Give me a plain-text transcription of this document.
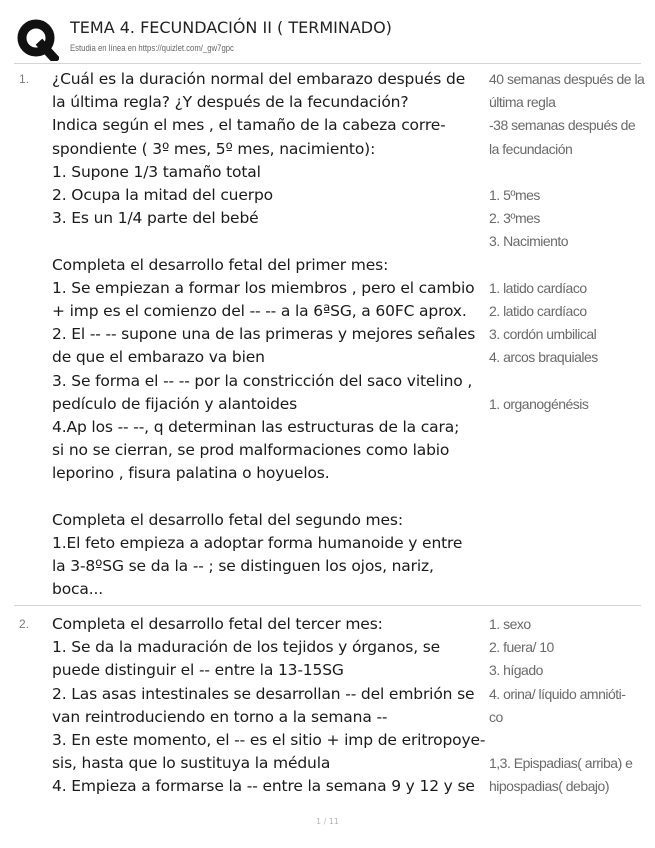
TEMA 4. FECUNDACIÓN II ( TERMINADO)
Estudia en línea en https://quizlet.com/_gw7gpc
1. ¿Cuál es la duración normal del embarazo después de

la última regla? ¿Y después de la fecundación?

Indica según el mes , el tamaño de la cabeza corre-

spondiente ( 3º mes, 5º mes, nacimiento):

1. Supone 1/3 tamaño total

2. Ocupa la mitad del cuerpo

3. Es un 1/4 parte del bebé

Completa el desarrollo fetal del primer mes:

1. Se empiezan a formar los miembros , pero el cambio

+ imp es el comienzo del -- -- a la 6ªSG, a 60FC aprox.

2. El -- -- supone una de las primeras y mejores señales

de que el embarazo va bien

3. Se forma el -- -- por la constricción del saco vitelino ,

pedículo de fijación y alantoides

4.Ap los -- --, q determinan las estructuras de la cara;

si no se cierran, se prod malformaciones como labio

leporino , fisura palatina o hoyuelos.

Completa el desarrollo fetal del segundo mes:

1.El feto empieza a adoptar forma humanoide y entre

la 3-8ºSG se da la -- ; se distinguen los ojos, nariz,

boca...

40 semanas después de la

última regla

-38 semanas después de

la fecundación

1. 5ºmes

2. 3ºmes

3. Nacimiento

1. latido cardíaco

2. latido cardíaco

3. cordón umbilical

4. arcos braquiales

1. organogénésis

2. Completa el desarrollo fetal del tercer mes:

1. Se da la maduración de los tejidos y órganos, se

puede distinguir el -- entre la 13-15SG

2. Las asas intestinales se desarrollan -- del embrión se

van reintroduciendo en torno a la semana --

3. En este momento, el -- es el sitio + imp de eritropoye-

sis, hasta que lo sustituya la médula

4. Empieza a formarse la -- entre la semana 9 y 12 y se

1. sexo

2. fuera/ 10

3. hígado

4. orina/ líquido amnióti-

co

1,3. Epispadias( arriba) e

hipospadias( debajo)

1 / 11
